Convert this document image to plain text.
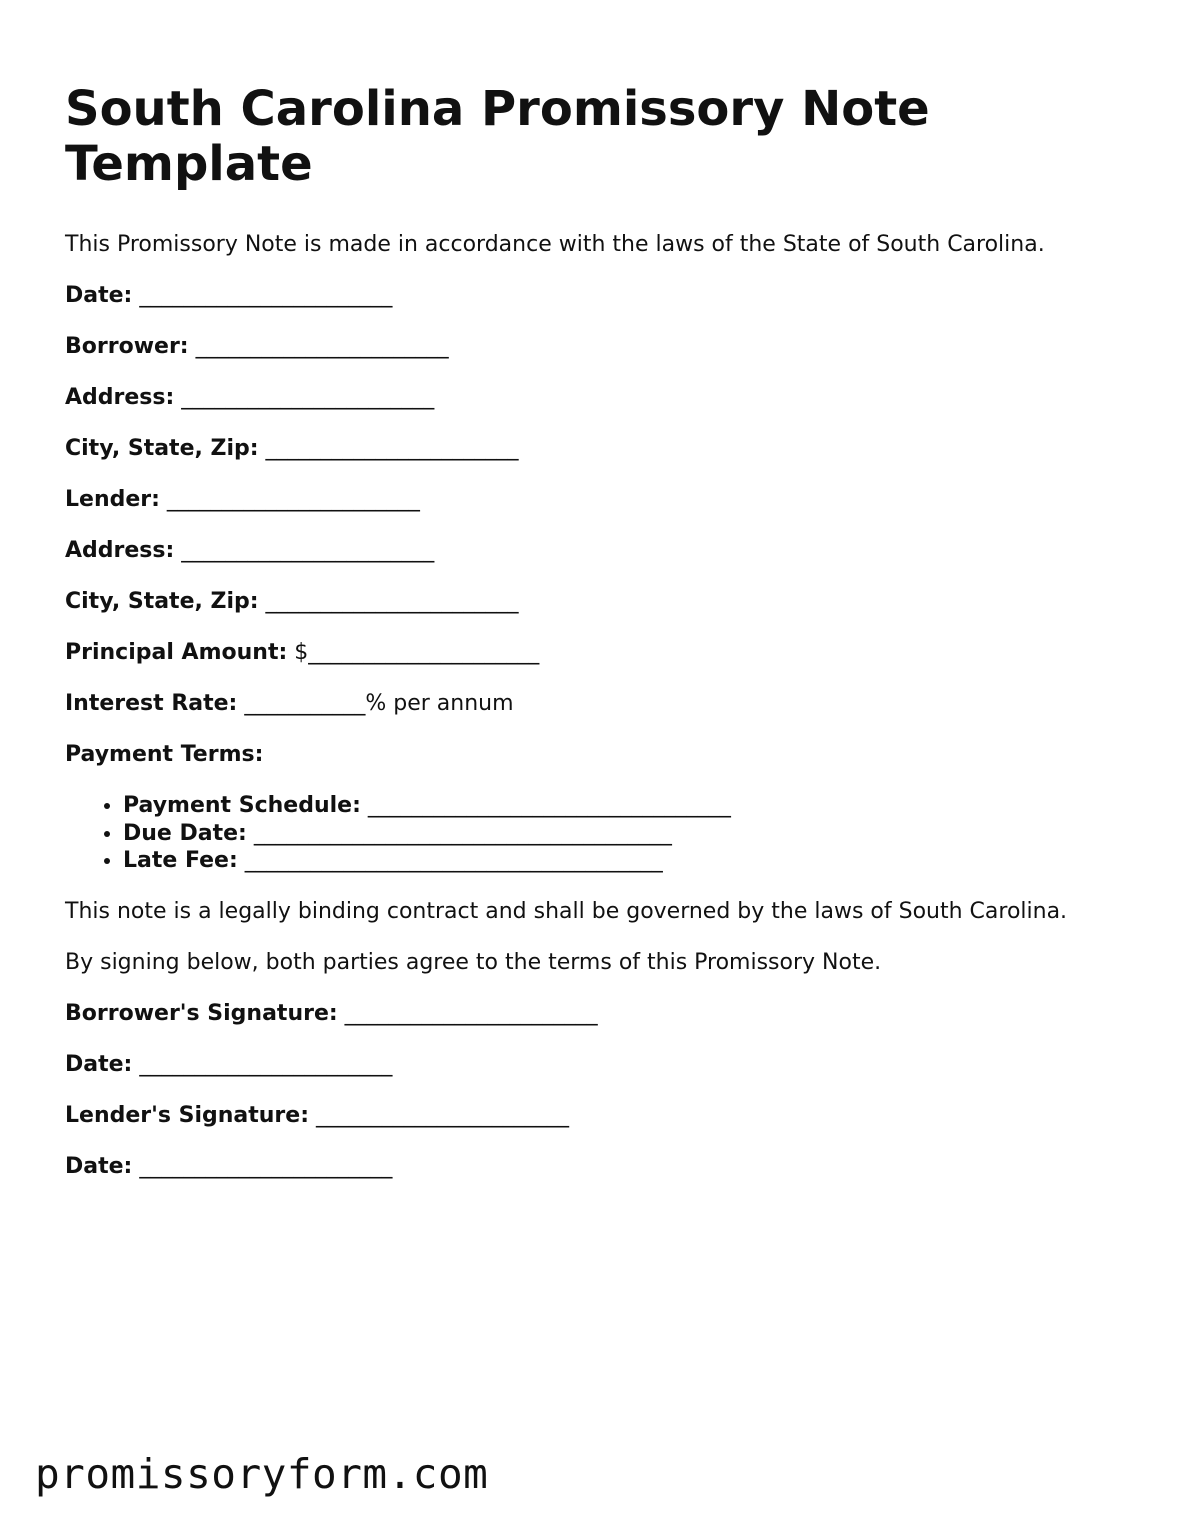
South Carolina Promissory Note Template

This Promissory Note is made in accordance with the laws of the State of South Carolina.

Date: _______________________

Borrower: _______________________

Address: _______________________

City, State, Zip: _______________________

Lender: _______________________

Address: _______________________

City, State, Zip: _______________________

Principal Amount: $_____________________

Interest Rate: ___________% per annum

Payment Terms:

• Payment Schedule: _________________________________
• Due Date: ______________________________________
• Late Fee: ______________________________________

This note is a legally binding contract and shall be governed by the laws of South Carolina.

By signing below, both parties agree to the terms of this Promissory Note.

Borrower's Signature: _______________________

Date: _______________________

Lender's Signature: _______________________

Date: _______________________

promissoryform.com
